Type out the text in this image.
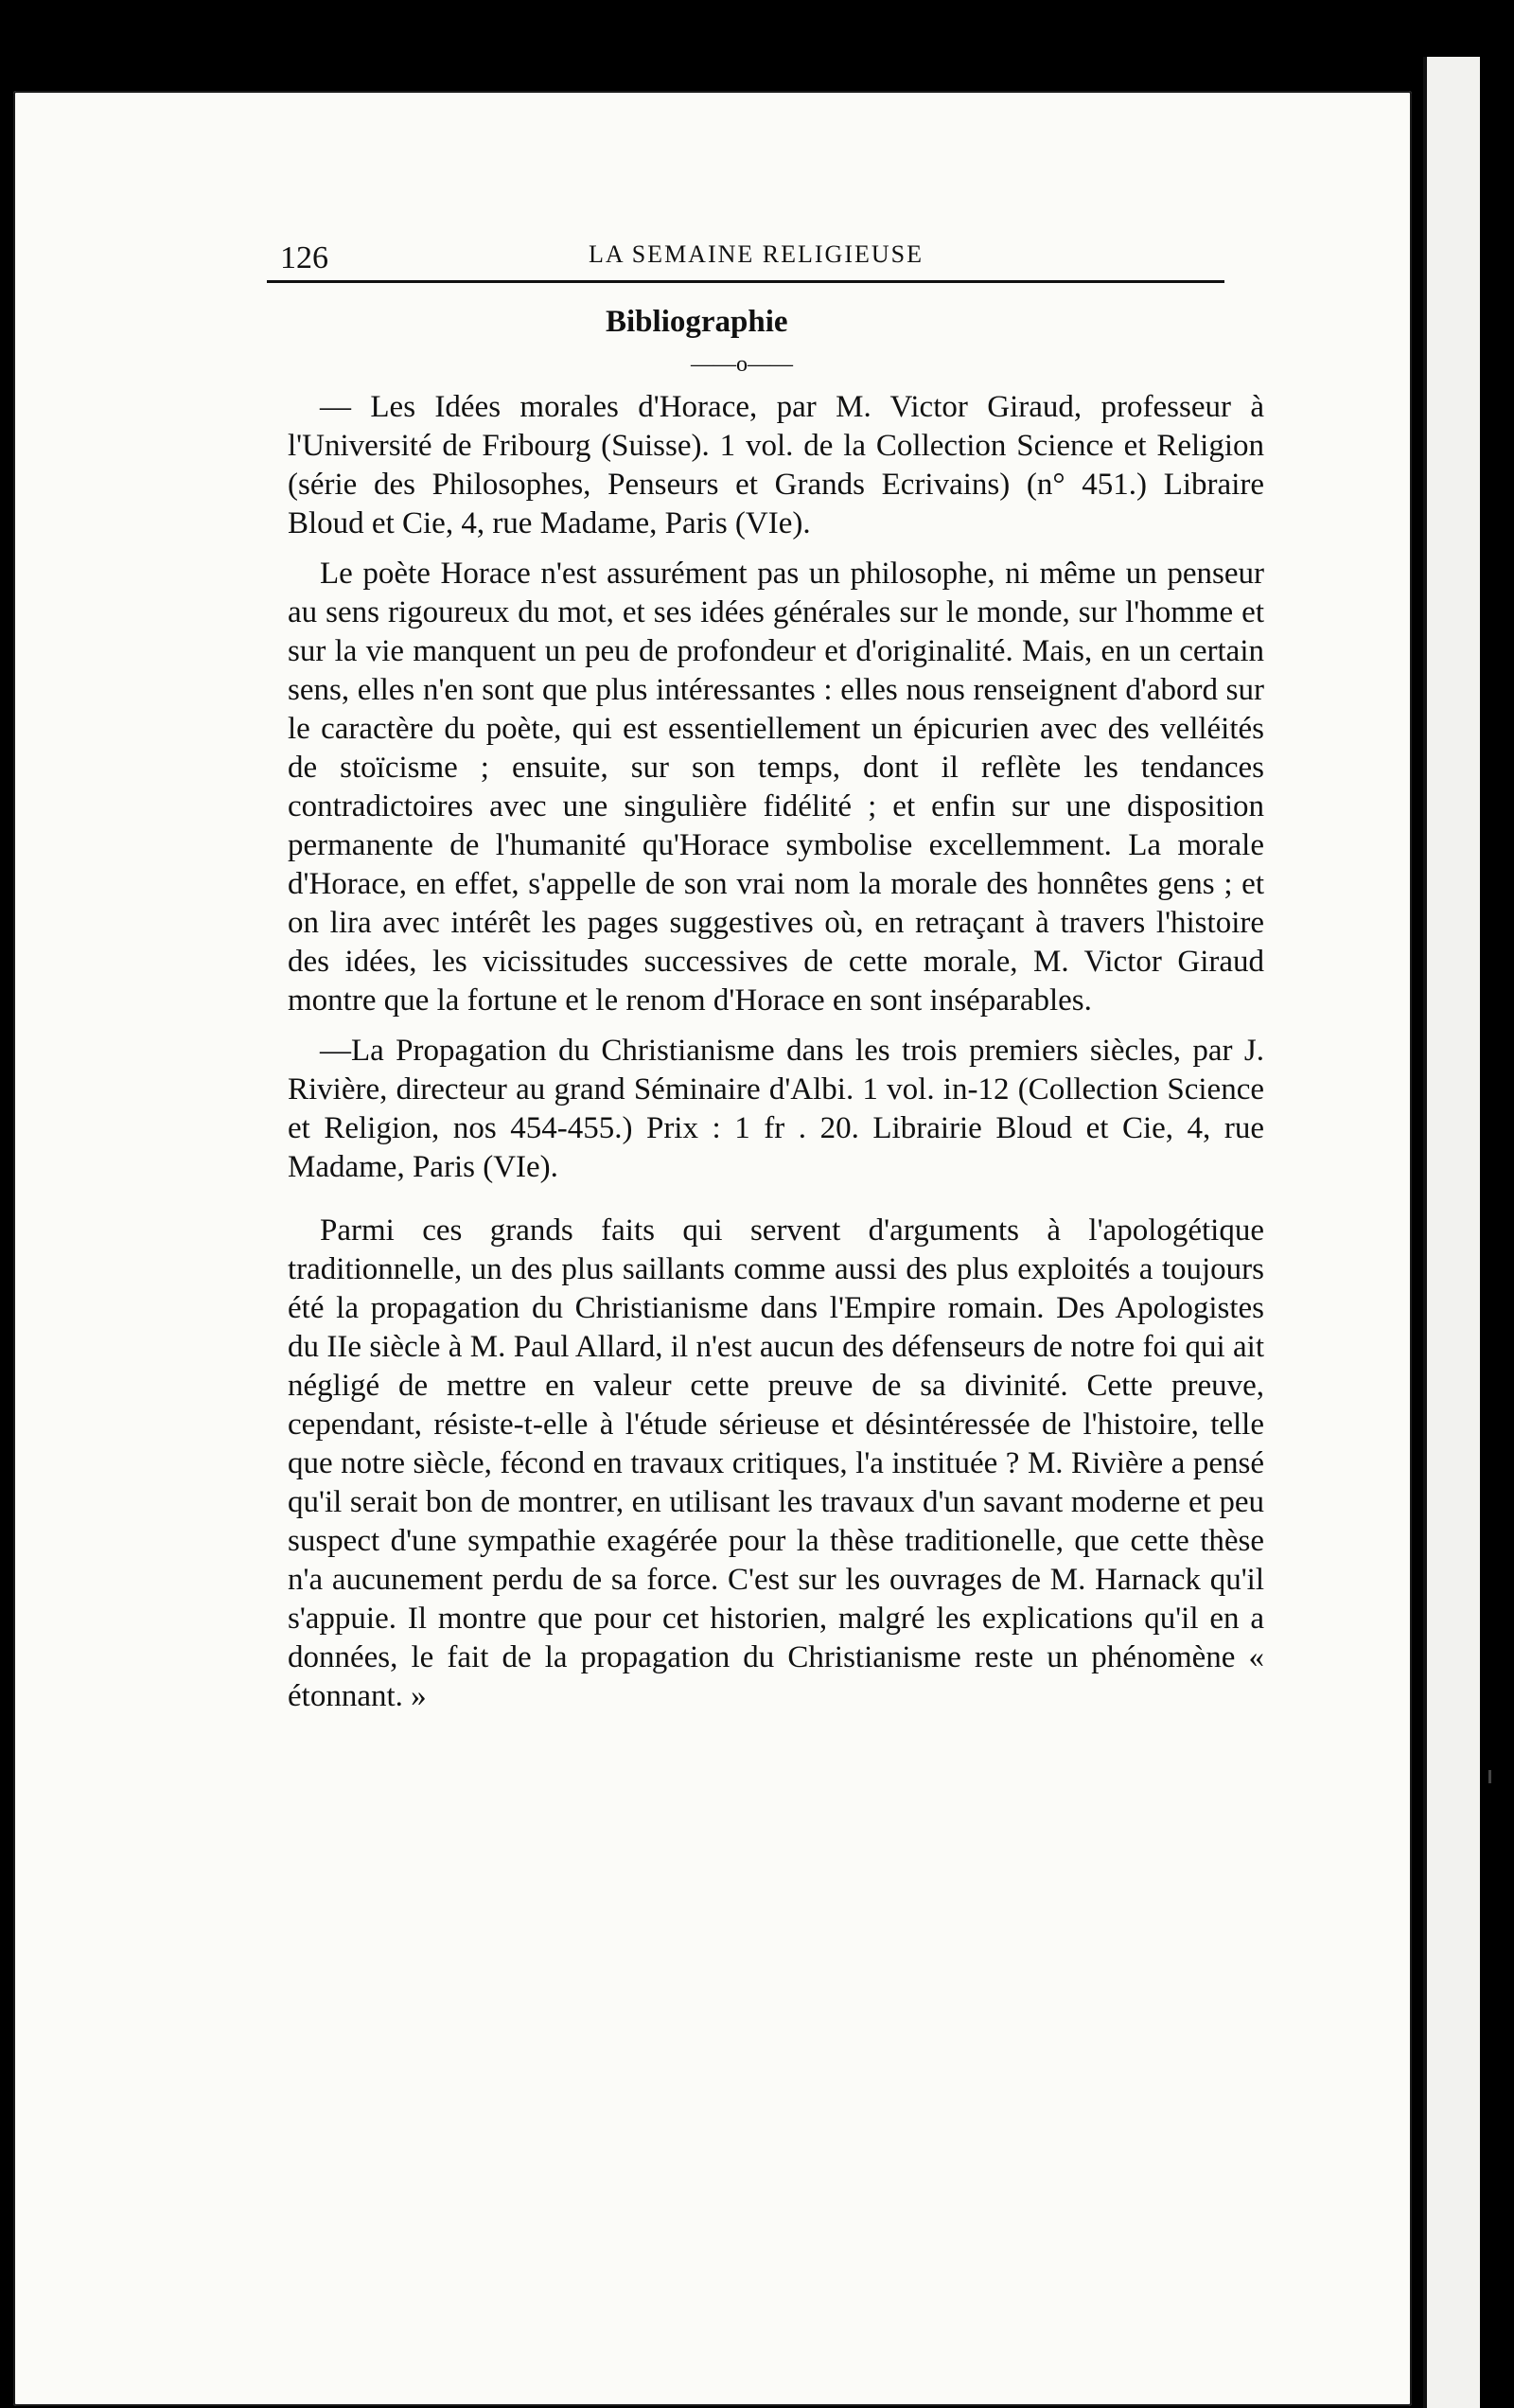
126	LA SEMAINE RELIGIEUSE
Bibliographie
——o——

— Les Idées morales d'Horace, par M. Victor Giraud, professeur à l'Université de Fribourg (Suisse). 1 vol. de la Collection Science et Religion (série des Philosophes, Penseurs et Grands Ecrivains) (n° 451.) Libraire Bloud et Cie, 4, rue Madame, Paris (VIe).

Le poète Horace n'est assurément pas un philosophe, ni même un penseur au sens rigoureux du mot, et ses idées générales sur le monde, sur l'homme et sur la vie manquent un peu de profondeur et d'originalité. Mais, en un certain sens, elles n'en sont que plus intéressantes : elles nous renseignent d'abord sur le caractère du poète, qui est essentiellement un épicurien avec des velléités de stoïcisme ; ensuite, sur son temps, dont il reflète les tendances contradictoires avec une singulière fidélité ; et enfin sur une disposition permanente de l'humanité qu'Horace symbolise excellemment. La morale d'Horace, en effet, s'appelle de son vrai nom la morale des honnêtes gens ; et on lira avec intérêt les pages suggestives où, en retraçant à travers l'histoire des idées, les vicissitudes successives de cette morale, M. Victor Giraud montre que la fortune et le renom d'Horace en sont inséparables.

—La Propagation du Christianisme dans les trois premiers siècles, par J. Rivière, directeur au grand Séminaire d'Albi. 1 vol. in-12 (Collection Science et Religion, nos 454-455.) Prix : 1 fr . 20. Librairie Bloud et Cie, 4, rue Madame, Paris (VIe).

Parmi ces grands faits qui servent d'arguments à l'apologétique traditionnelle, un des plus saillants comme aussi des plus exploités a toujours été la propagation du Christianisme dans l'Empire romain. Des Apologistes du IIe siècle à M. Paul Allard, il n'est aucun des défenseurs de notre foi qui ait négligé de mettre en valeur cette preuve de sa divinité. Cette preuve, cependant, résiste-t-elle à l'étude sérieuse et désintéressée de l'histoire, telle que notre siècle, fécond en travaux critiques, l'a instituée ? M. Rivière a pensé qu'il serait bon de montrer, en utilisant les travaux d'un savant moderne et peu suspect d'une sympathie exagérée pour la thèse traditionelle, que cette thèse n'a aucunement perdu de sa force. C'est sur les ouvrages de M. Harnack qu'il s'appuie. Il montre que pour cet historien, malgré les explications qu'il en a données, le fait de la propagation du Christianisme reste un phénomène « étonnant. »
